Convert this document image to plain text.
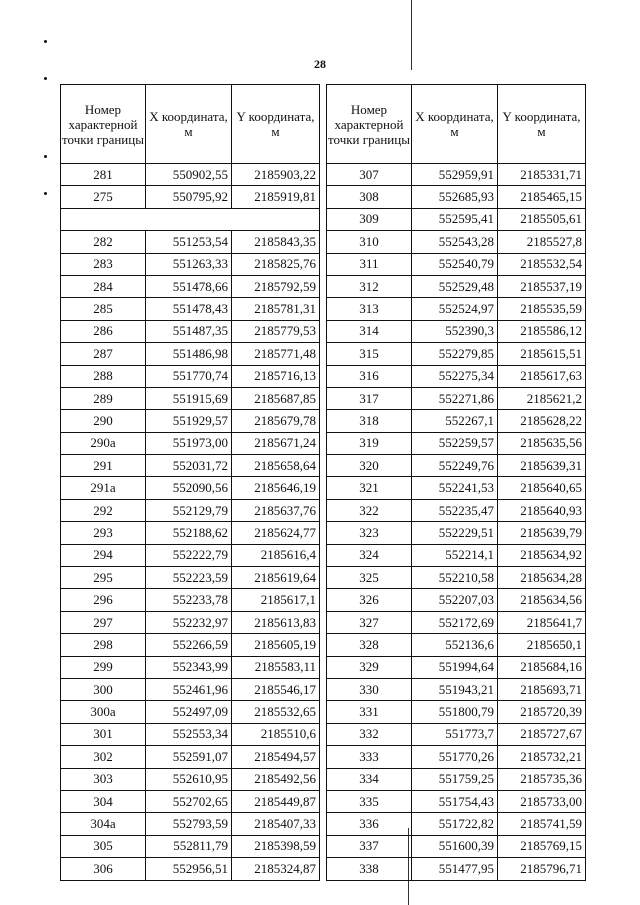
28
Номер характерной точки границы	X координата, м	Y координата, м
281	550902,55	2185903,22
275	550795,92	2185919,81

282	551253,54	2185843,35
283	551263,33	2185825,76
284	551478,66	2185792,59
285	551478,43	2185781,31
286	551487,35	2185779,53
287	551486,98	2185771,48
288	551770,74	2185716,13
289	551915,69	2185687,85
290	551929,57	2185679,78
290а	551973,00	2185671,24
291	552031,72	2185658,64
291а	552090,56	2185646,19
292	552129,79	2185637,76
293	552188,62	2185624,77
294	552222,79	2185616,4
295	552223,59	2185619,64
296	552233,78	2185617,1
297	552232,97	2185613,83
298	552266,59	2185605,19
299	552343,99	2185583,11
300	552461,96	2185546,17
300а	552497,09	2185532,65
301	552553,34	2185510,6
302	552591,07	2185494,57
303	552610,95	2185492,56
304	552702,65	2185449,87
304а	552793,59	2185407,33
305	552811,79	2185398,59
306	552956,51	2185324,87
Номер характерной точки границы	X координата, м	Y координата, м
307	552959,91	2185331,71
308	552685,93	2185465,15
309	552595,41	2185505,61
310	552543,28	2185527,8
311	552540,79	2185532,54
312	552529,48	2185537,19
313	552524,97	2185535,59
314	552390,3	2185586,12
315	552279,85	2185615,51
316	552275,34	2185617,63
317	552271,86	2185621,2
318	552267,1	2185628,22
319	552259,57	2185635,56
320	552249,76	2185639,31
321	552241,53	2185640,65
322	552235,47	2185640,93
323	552229,51	2185639,79
324	552214,1	2185634,92
325	552210,58	2185634,28
326	552207,03	2185634,56
327	552172,69	2185641,7
328	552136,6	2185650,1
329	551994,64	2185684,16
330	551943,21	2185693,71
331	551800,79	2185720,39
332	551773,7	2185727,67
333	551770,26	2185732,21
334	551759,25	2185735,36
335	551754,43	2185733,00
336	551722,82	2185741,59
337	551600,39	2185769,15
338	551477,95	2185796,71
